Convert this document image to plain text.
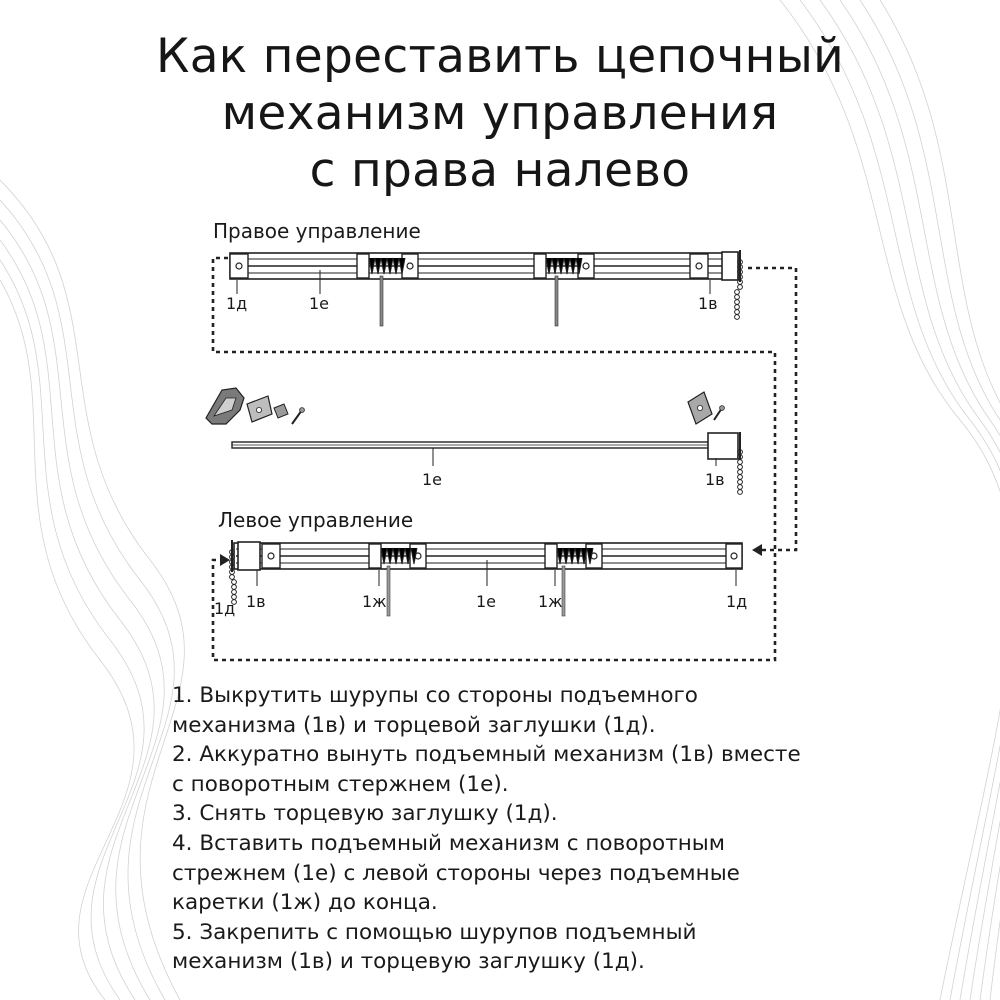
Как переставить цепочный
механизм управления
с права налево
Правое управление
Левое управление
1д	1е	1в
1е	1в
1д 1в	1ж	1е	1ж	1д
1. Выкрутить шурупы со стороны подъемного
механизма (1в) и торцевой заглушки (1д).
2. Аккуратно вынуть подъемный механизм (1в) вместе
с поворотным стержнем (1е).
3. Снять торцевую заглушку (1д).
4. Вставить подъемный механизм с поворотным
стрежнем (1е) с левой стороны через подъемные
каретки (1ж) до конца.
5. Закрепить с помощью шурупов подъемный
механизм (1в) и торцевую заглушку (1д).
